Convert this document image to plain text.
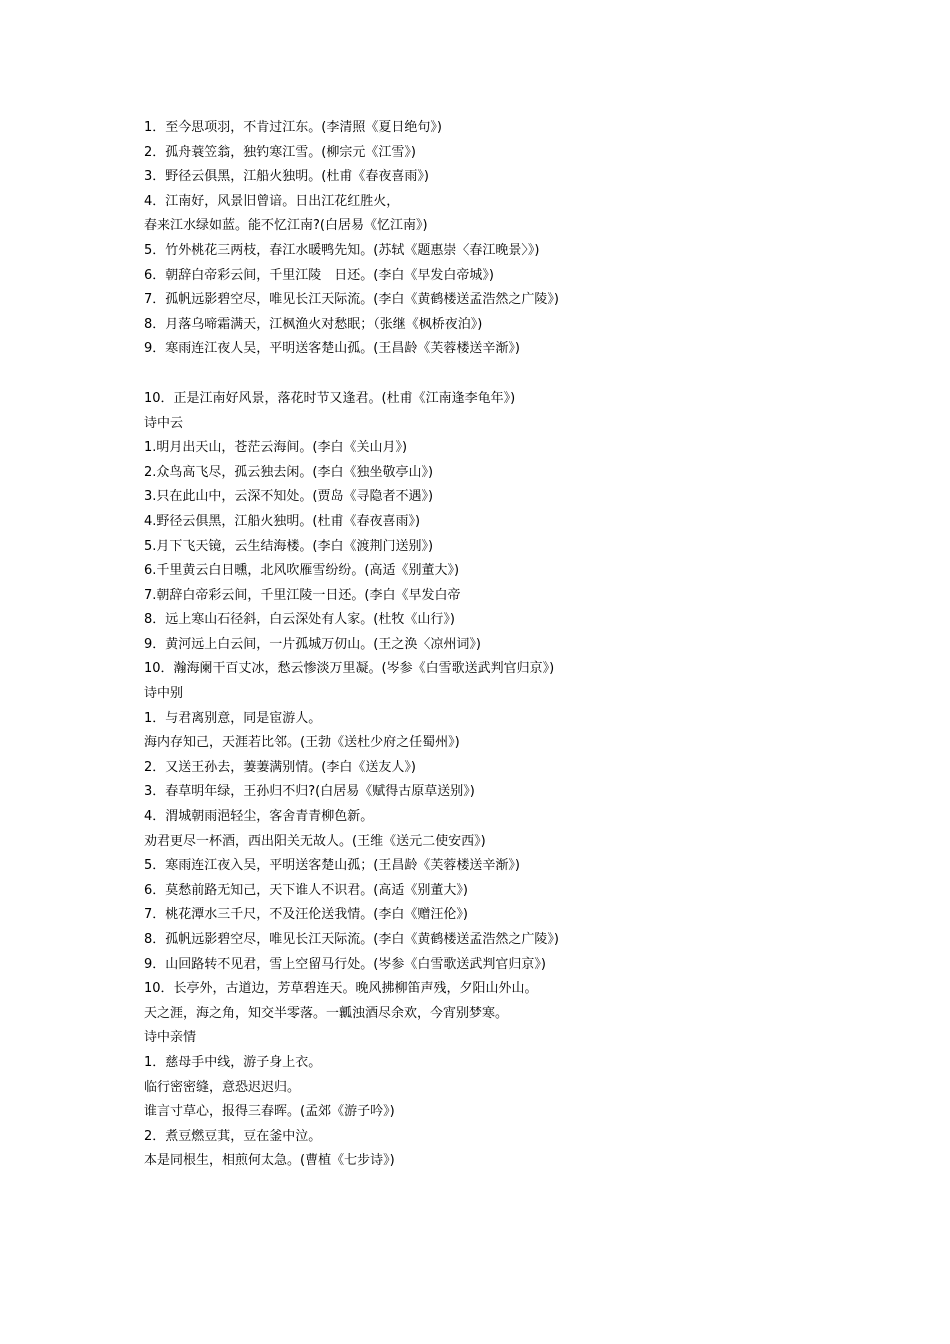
1．至今思项羽，不肯过江东。(李清照《夏日绝句》)
2．孤舟蓑笠翁，独钓寒江雪。(柳宗元《江雪》)
3．野径云俱黑，江船火独明。(杜甫《春夜喜雨》)
4．江南好，风景旧曾谙。日出江花红胜火，
春来江水绿如蓝。能不忆江南?(白居易《忆江南》)
5．竹外桃花三两枝，春江水暖鸭先知。(苏轼《题惠崇〈春江晚景〉》)
6．朝辞白帝彩云间，千里江陵　日还。(李白《早发白帝城》)
7．孤帆远影碧空尽，唯见长江天际流。(李白《黄鹤楼送孟浩然之广陵》)
8．月落乌啼霜满天，江枫渔火对愁眠；（张继《枫桥夜泊》)
9．寒雨连江夜人吴，平明送客楚山孤。(王昌龄《芙蓉楼送辛渐》)
10．正是江南好风景，落花时节又逢君。(杜甫《江南逢李龟年》)
诗中云
1.明月出天山，苍茫云海间。(李白《关山月》)
2.众鸟高飞尽，孤云独去闲。(李白《独坐敬亭山》)
3.只在此山中，云深不知处。(贾岛《寻隐者不遇》)
4.野径云俱黑，江船火独明。(杜甫《春夜喜雨》)
5.月下飞天镜，云生结海楼。(李白《渡荆门送别》)
6.千里黄云白日曛，北风吹雁雪纷纷。(高适《别董大》)
7.朝辞白帝彩云间，千里江陵一日还。(李白《早发白帝
8．远上寒山石径斜，白云深处有人家。(杜牧《山行》)
9．黄河远上白云间，一片孤城万仞山。(王之涣〈凉州词》)
10．瀚海阑干百丈冰，愁云惨淡万里凝。(岑参《白雪歌送武判官归京》)
诗中别
1．与君离别意，同是宦游人。
海内存知己，天涯若比邻。(王勃《送杜少府之任蜀州》)
2．又送王孙去，萋萋满别情。(李白《送友人》)
3．春草明年绿，王孙归不归?(白居易《赋得古原草送别》)
4．渭城朝雨浥轻尘，客舍青青柳色新。
劝君更尽一杯酒，西出阳关无故人。(王维《送元二使安西》)
5．寒雨连江夜入吴，平明送客楚山孤；(王昌龄《芙蓉楼送辛渐》)
6．莫愁前路无知己，天下谁人不识君。(高适《别董大》)
7．桃花潭水三千尺，不及汪伦送我情。(李白《赠汪伦》)
8．孤帆远影碧空尽，唯见长江天际流。(李白《黄鹤楼送孟浩然之广陵》)
9．山回路转不见君，雪上空留马行处。(岑参《白雪歌送武判官归京》)
10．长亭外，古道边，芳草碧连天。晚风拂柳笛声残，夕阳山外山。
天之涯，海之角，知交半零落。一瓤浊酒尽余欢，今宵别梦寒。
诗中亲情
1．慈母手中线，游子身上衣。
临行密密缝，意恐迟迟归。
谁言寸草心，报得三春晖。(孟郊《游子吟》)
2．煮豆燃豆萁，豆在釜中泣。
本是同根生，相煎何太急。(曹植《七步诗》)
